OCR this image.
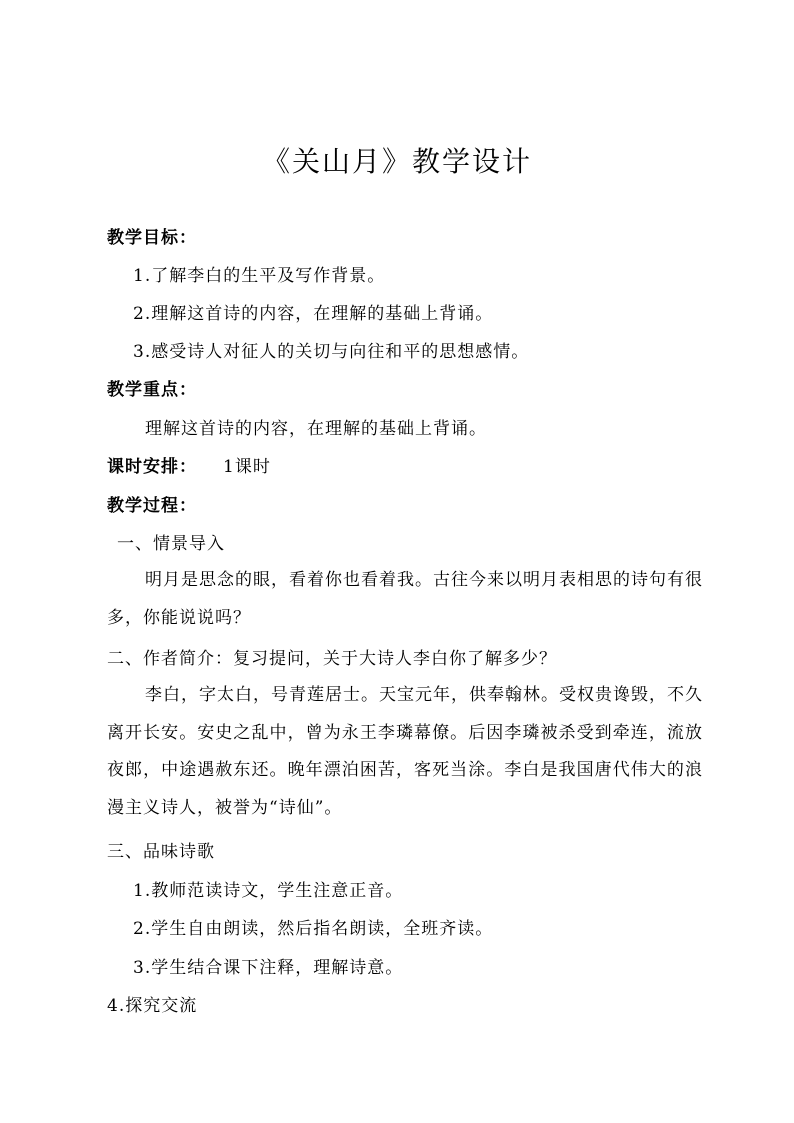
《关山月》教学设计
教学目标：
1.了解李白的生平及写作背景。
2.理解这首诗的内容，在理解的基础上背诵。
3.感受诗人对征人的关切与向往和平的思想感情。
教学重点：
理解这首诗的内容，在理解的基础上背诵。
课时安排： 1课时
教学过程：
一、情景导入
明月是思念的眼，看着你也看着我。古往今来以明月表相思的诗句有很多，你能说说吗？
二、作者简介：复习提问，关于大诗人李白你了解多少？
李白，字太白，号青莲居士。天宝元年，供奉翰林。受权贵谗毁，不久离开长安。安史之乱中，曾为永王李璘幕僚。后因李璘被杀受到牵连，流放夜郎，中途遇赦东还。晚年漂泊困苦，客死当涂。李白是我国唐代伟大的浪漫主义诗人，被誉为“诗仙”。
三、品味诗歌
1.教师范读诗文，学生注意正音。
2.学生自由朗读，然后指名朗读，全班齐读。
3.学生结合课下注释，理解诗意。
4.探究交流
